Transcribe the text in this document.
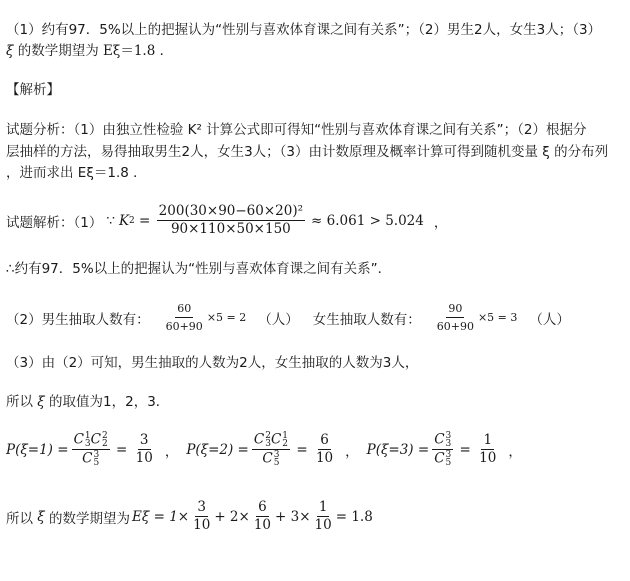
（1）约有97．5%以上的把握认为“性别与喜欢体育课之间有关系”；（2）男生2人，女生3人；（3）
ξ 的数学期望为 Eξ＝1.8 ．
【解析】
试题分析：（1）由独立性检验 K² 计算公式即可得知“性别与喜欢体育课之间有关系”；（2）根据分
层抽样的方法，易得抽取男生2人，女生3人；（3）由计数原理及概率计算可得到随机变量 ξ 的分布列
，进而求出 Eξ＝1.8 ．
试题解析：（1） ∵ K $2 = \frac{\text{200(30×90−60×20)²}}{90\times 110\times 50\times 150} \approx 6.061 > 5.024$ ，
∴约有97．5%以上的把握认为“性别与喜欢体育课之间有关系”．
（2）男生抽取人数有： $\frac{60}{60+90} \times 5 = 2$ （人） 女生抽取人数有： $\frac{90}{60+90} \times 5 = 3$ （人）
（3）由（2）可知，男生抽取的人数为2人，女生抽取的人数为3人，
所以 ξ 的取值为1，2，3．
P(ξ=1) = C 1
3 C 2
2
C 3
$5 = \frac{3}{10}$ ， P(ξ=2) = C 2
3 C 1
2
C 3
$5 = \frac{6}{10}$ ， P(ξ=3) = C 3
3
C 3
$5 = \frac{1}{10}$ ，
所以 ξ 的数学期望为 $E\xi = 1\times \frac{3}{10} + 2\times \frac{6}{10} + 3\times \frac{1}{10} = 1.8$
